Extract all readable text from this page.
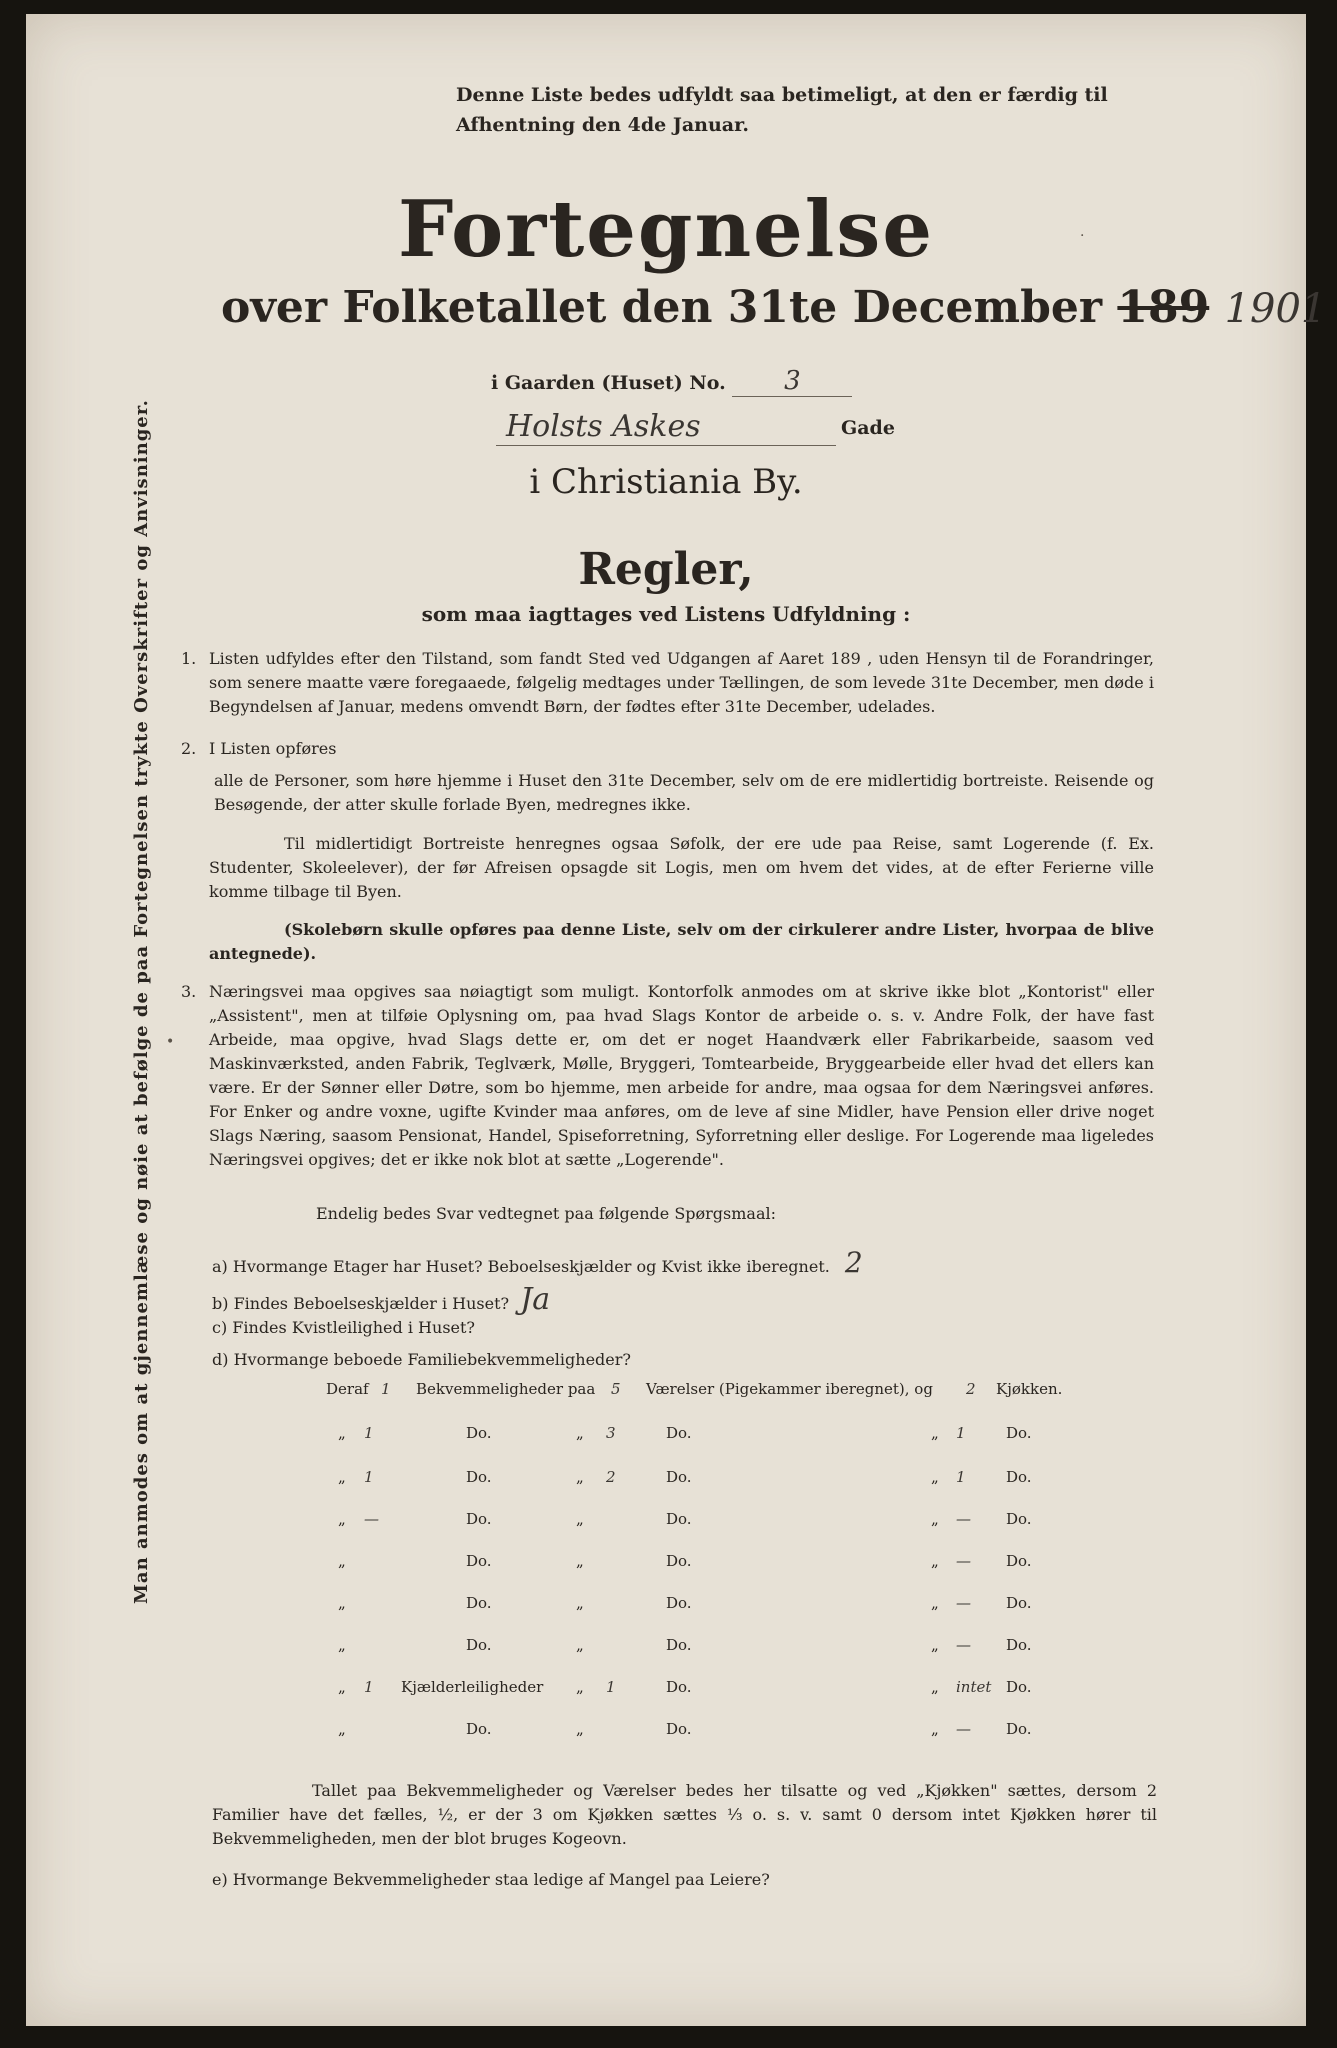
Denne Liste bedes udfyldt saa betimeligt, at den er færdig til
Afhentning den 4de Januar.
Fortegnelse
over Folketallet den 31te December 189 1901
i Gaarden (Huset) No. 3
Holsts Askes	Gade
i Christiania By.
Regler,
som maa iagttages ved Listens Udfyldning :
1. Listen udfyldes efter den Tilstand, som fandt Sted ved Udgangen af Aaret 189 , uden Hensyn til de Forandringer, som senere maatte være foregaaede, følgelig medtages under Tællingen, de som levede 31te December, men døde i Begyndelsen af Januar, medens omvendt Børn, der fødtes efter 31te December, udelades.
2. I Listen opføres
alle de Personer, som høre hjemme i Huset den 31te December, selv om de ere midlertidig bortreiste. Reisende og Besøgende, der atter skulle forlade Byen, medregnes ikke.
Til midlertidigt Bortreiste henregnes ogsaa Søfolk, der ere ude paa Reise, samt Logerende (f. Ex. Studenter, Skoleelever), der før Afreisen opsagde sit Logis, men om hvem det vides, at de efter Ferierne ville komme tilbage til Byen.
(Skolebørn skulle opføres paa denne Liste, selv om der cirkulerer andre Lister, hvorpaa de blive antegnede).
3. Næringsvei maa opgives saa nøiagtigt som muligt. Kontorfolk anmodes om at skrive ikke blot „Kontorist" eller „Assistent", men at tilføie Oplysning om, paa hvad Slags Kontor de arbeide o. s. v. Andre Folk, der have fast Arbeide, maa opgive, hvad Slags dette er, om det er noget Haandværk eller Fabrikarbeide, saasom ved Maskinværksted, anden Fabrik, Teglværk, Mølle, Bryggeri, Tomtearbeide, Bryggearbeide eller hvad det ellers kan være. Er der Sønner eller Døtre, som bo hjemme, men arbeide for andre, maa ogsaa for dem Næringsvei anføres. For Enker og andre voxne, ugifte Kvinder maa anføres, om de leve af sine Midler, have Pension eller drive noget Slags Næring, saasom Pensionat, Handel, Spiseforretning, Syforretning eller deslige. For Logerende maa ligeledes Næringsvei opgives; det er ikke nok blot at sætte „Logerende".
Endelig bedes Svar vedtegnet paa følgende Spørgsmaal:
a) Hvormange Etager har Huset? Beboelseskjælder og Kvist ikke iberegnet. 2
b) Findes Beboelseskjælder i Huset? Ja
c) Findes Kvistleilighed i Huset?
d) Hvormange beboede Familiebekvemmeligheder?
Deraf 1 Bekvemmeligheder paa 5 Værelser (Pigekammer iberegnet), og 2 Kjøkken.
„ 1	Do.	„ 3	Do.	„ 1	Do.
„ 1	Do.	„ 2	Do.	„ 1	Do.
„ —	Do.	„	Do.	„ — Do.
„	Do.	„	Do.	„ — Do.
„	Do.	„	Do.	„ — Do.
„	Do.	„	Do.	„ — Do.
„ 1 Kjælderleiligheder „ 1	Do.	„ intet Do.
„	Do.	„	Do.	„ — Do.
Tallet paa Bekvemmeligheder og Værelser bedes her tilsatte og ved „Kjøkken" sættes, dersom 2 Familier have det fælles, ½, er der 3 om Kjøkken sættes ⅓ o. s. v. samt 0 dersom intet Kjøkken hører til Bekvemmeligheden, men der blot bruges Kogeovn.
e) Hvormange Bekvemmeligheder staa ledige af Mangel paa Leiere?
Man anmodes om at gjennemlæse og nøie at befølge de paa Fortegnelsen trykte Overskrifter og Anvisninger.	•
·
